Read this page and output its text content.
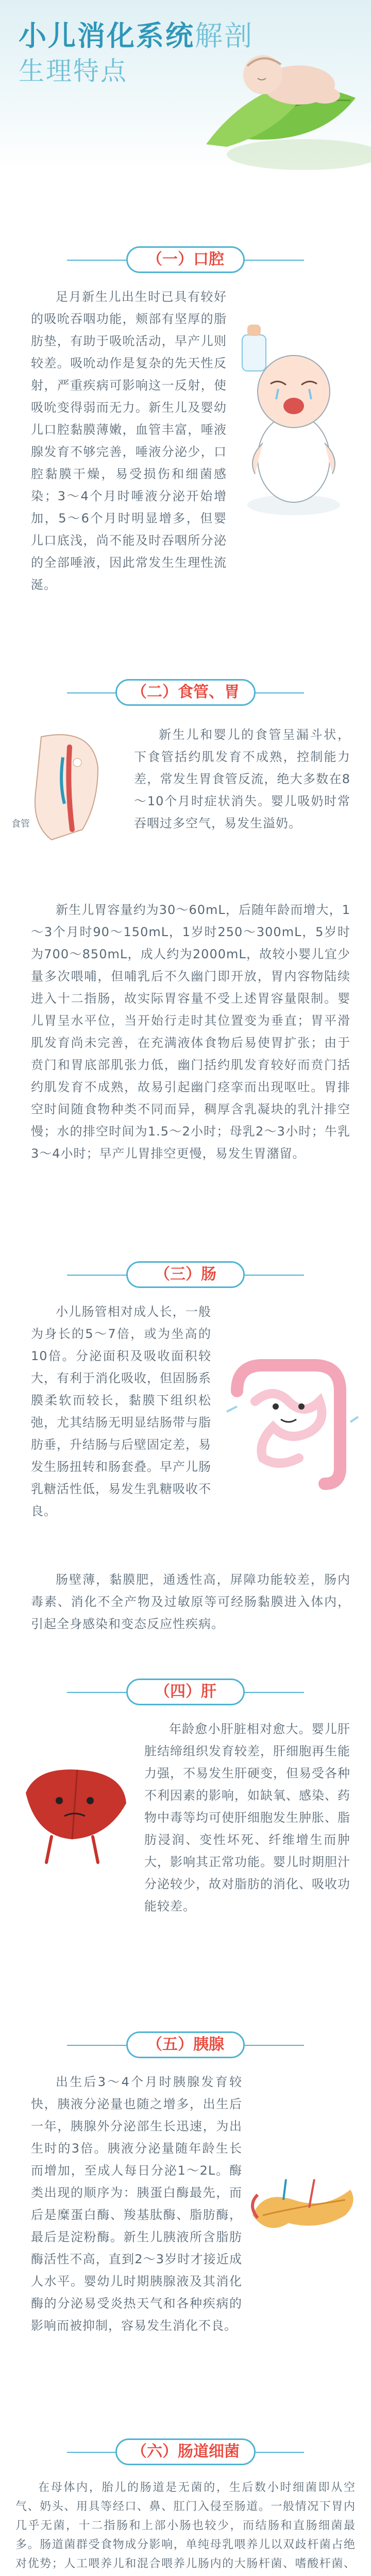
小儿消化系统解剖
生理特点
（一）口腔

足月新生儿出生时已具有较好的吸吮吞咽功能，颊部有坚厚的脂肪垫，有助于吸吮活动，早产儿则较差。吸吮动作是复杂的先天性反射，严重疾病可影响这一反射，使吸吮变得弱而无力。新生儿及婴幼儿口腔黏膜薄嫩，血管丰富，唾液腺发育不够完善，唾液分泌少，口腔黏膜干燥，易受损伤和细菌感染；3～4个月时唾液分泌开始增加，5～6个月时明显增多，但婴儿口底浅，尚不能及时吞咽所分泌的全部唾液，因此常发生生理性流涎。

（二）食管、胃
食管

新生儿和婴儿的食管呈漏斗状，下食管括约肌发育不成熟，控制能力差，常发生胃食管反流，绝大多数在8～10个月时症状消失。婴儿吸奶时常吞咽过多空气，易发生溢奶。

新生儿胃容量约为30～60mL，后随年龄而增大，1～3个月时90～150mL，1岁时250～300mL，5岁时为700～850mL，成人约为2000mL，故较小婴儿宜少量多次喂哺，但哺乳后不久幽门即开放，胃内容物陆续进入十二指肠，故实际胃容量不受上述胃容量限制。婴儿胃呈水平位，当开始行走时其位置变为垂直；胃平滑肌发育尚未完善，在充满液体食物后易使胃扩张；由于贲门和胃底部肌张力低，幽门括约肌发育较好而贲门括约肌发育不成熟，故易引起幽门痉挛而出现呕吐。胃排空时间随食物种类不同而异，稠厚含乳凝块的乳汁排空慢；水的排空时间为1.5～2小时；母乳2～3小时；牛乳3～4小时；早产儿胃排空更慢，易发生胃潴留。

（三）肠

小儿肠管相对成人长，一般为身长的5～7倍，或为坐高的10倍。分泌面积及吸收面积较大，有利于消化吸收，但固肠系膜柔软而较长，黏膜下组织松弛，尤其结肠无明显结肠带与脂肪垂，升结肠与后壁固定差，易发生肠扭转和肠套叠。早产儿肠乳糖活性低，易发生乳糖吸收不良。

肠壁薄，黏膜肥，通透性高，屏障功能较差，肠内毒素、消化不全产物及过敏原等可经肠黏膜进入体内，引起全身感染和变态反应性疾病。

（四）肝

年龄愈小肝脏相对愈大。婴儿肝脏结缔组织发育较差，肝细胞再生能力强，不易发生肝硬变，但易受各种不利因素的影响，如缺氧、感染、药物中毒等均可使肝细胞发生肿胀、脂肪浸润、变性坏死、纤维增生而肿大，影响其正常功能。婴儿时期胆汁分泌较少，故对脂肪的消化、吸收功能较差。

（五）胰腺

出生后3～4个月时胰腺发育较快，胰液分泌量也随之增多，出生后一年，胰腺外分泌部生长迅速，为出生时的3倍。胰液分泌量随年龄生长而增加，至成人每日分泌1～2L。酶类出现的顺序为：胰蛋白酶最先，而后是糜蛋白酶、羧基肽酶、脂肪酶，最后是淀粉酶。新生儿胰液所含脂肪酶活性不高，直到2～3岁时才接近成人水平。婴幼儿时期胰腺液及其消化酶的分泌易受炎热天气和各种疾病的影响而被抑制，容易发生消化不良。

（六）肠道细菌

在母体内，胎儿的肠道是无菌的，生后数小时细菌即从空气、奶头、用具等经口、鼻、肛门入侵至肠道。一般情况下胃内几乎无菌，十二指肠和上部小肠也较少，而结肠和直肠细菌最多。肠道菌群受食物成分影响，单纯母乳喂养儿以双歧杆菌占绝对优势；人工喂养儿和混合喂养儿肠内的大肠杆菌、嗜酸杆菌、
